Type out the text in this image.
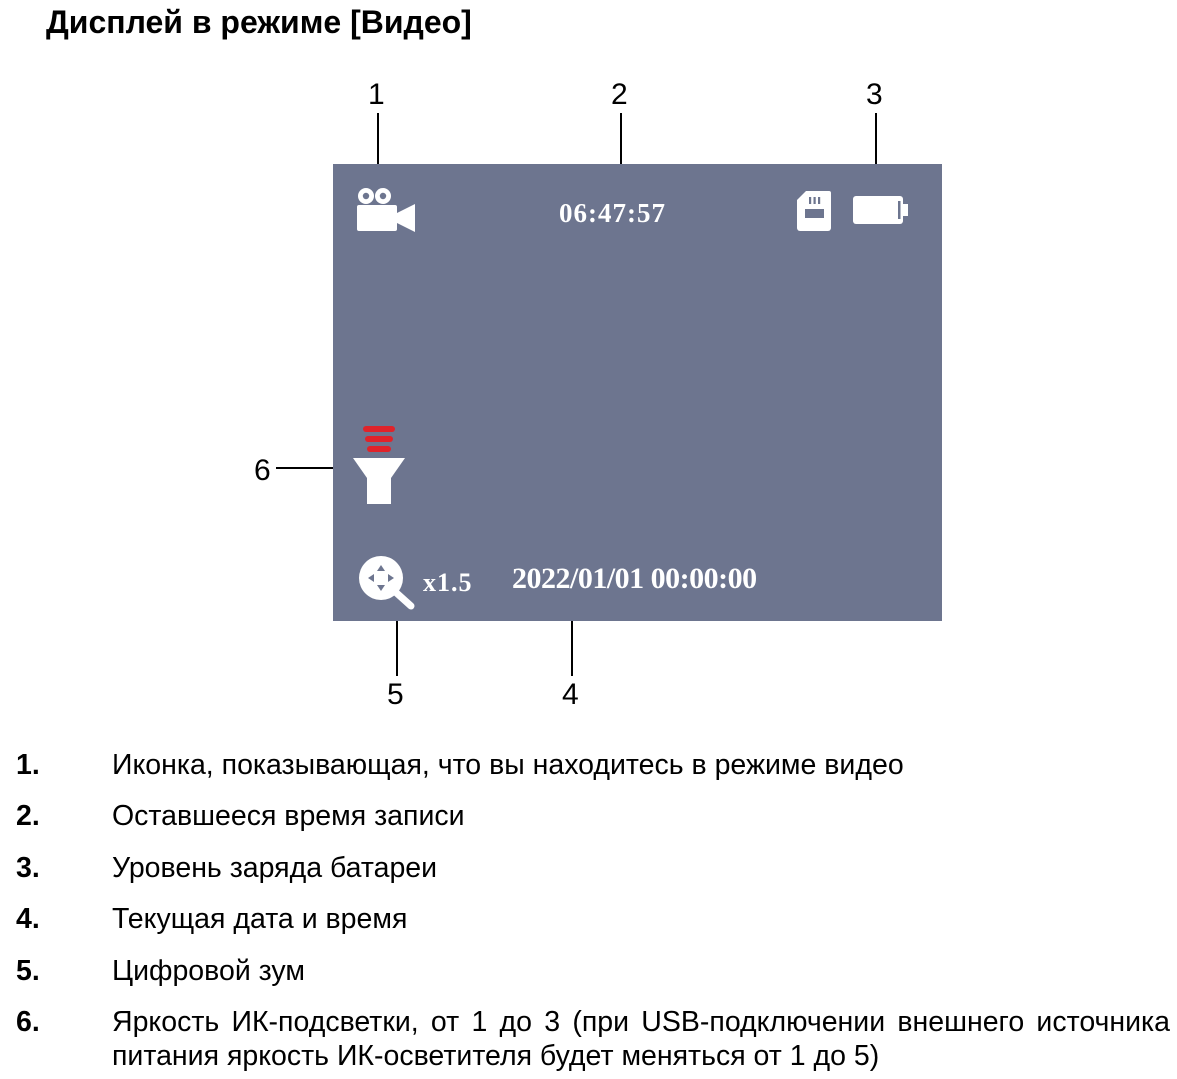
Дисплей в режиме [Видео]
1	2	3
4
5
6
06:47:57
x1.5 2022/01/01 00:00:00
1.	Иконка, показывающая, что вы находитесь в режиме видео
2.	Оставшееся время записи
3.	Уровень заряда батареи
4.	Текущая дата и время
5.	Цифровой зум
6.	Яркость ИК-подсветки, от 1 до 3 (при USB-подключении внешнего источника питания яркость ИК-осветителя будет меняться от 1 до 5)
